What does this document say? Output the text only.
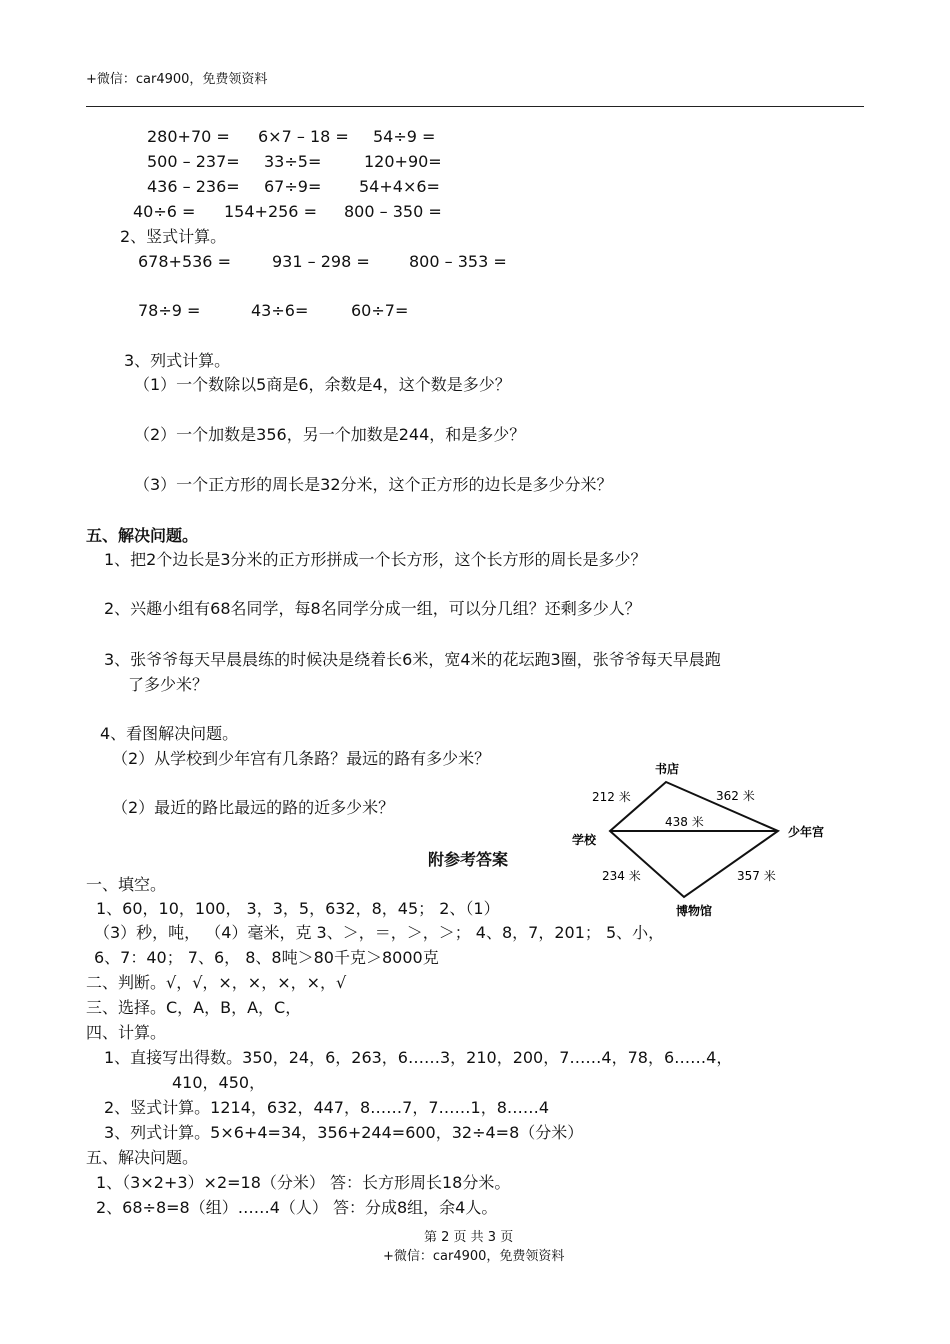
+微信：car4900，免费领资料
280+70 = 6×7 – 18 = 54÷9 =
500 – 237= 33÷5=	120+90=
436 – 236= 67÷9= 54+4×6=
40÷6 = 154+256 = 800 – 350 =
2、竖式计算。
678+536 =	931 – 298 = 800 – 353 =
78÷9 =	43÷6=	60÷7=
3、列式计算。
（1）一个数除以5商是6，余数是4，这个数是多少？
（2）一个加数是356，另一个加数是244，和是多少？
（3）一个正方形的周长是32分米，这个正方形的边长是多少分米？
五、解决问题。
1、把2个边长是3分米的正方形拼成一个长方形，这个长方形的周长是多少？
2、兴趣小组有68名同学，每8名同学分成一组，可以分几组？还剩多少人？
3、张爷爷每天早晨晨练的时候决是绕着长6米，宽4米的花坛跑3圈，张爷爷每天早晨跑
了多少米？
4、看图解决问题。
（2）从学校到少年宫有几条路？最远的路有多少米？
（2）最近的路比最远的路的近多少米？
书店
学校
少年宫
博物馆
212 米	362 米
438 米
234 米	357 米
附参考答案
一、填空。
1、60，10，100， 3，3，5，632，8，45； 2、（1）
（3）秒，吨， （4）毫米，克 3、＞，＝，＞，＞； 4、8，7，201； 5、小，
6、7：40； 7、6， 8、8吨＞80千克＞8000克
二、判断。√，√，×，×，×，×，√
三、选择。C，A，B，A，C，
四、计算。
1、直接写出得数。350，24，6，263，6……3，210，200，7……4，78，6……4，
410，450，
2、竖式计算。1214，632，447，8……7，7……1，8……4
3、列式计算。5×6+4=34，356+244=600，32÷4=8（分米）
五、解决问题。
1、（3×2+3）×2=18（分米） 答：长方形周长18分米。
2、68÷8=8（组）……4（人） 答：分成8组，余4人。
第 2 页 共 3 页
+微信：car4900，免费领资料
